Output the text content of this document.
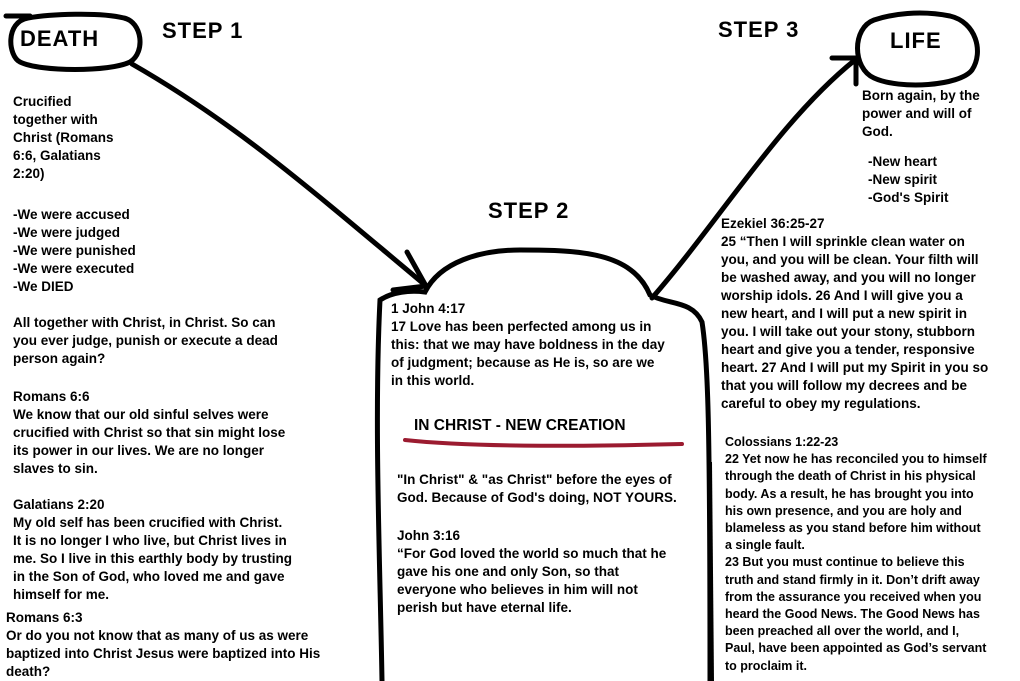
DEATH	LIFE
STEP 1
STEP 2
STEP 3
Crucified
together with
Christ (Romans
6:6, Galatians
2:20)
-We were accused
-We were judged
-We were punished
-We were executed
-We DIED
All together with Christ, in Christ. So can
you ever judge, punish or execute a dead
person again?
Romans 6:6
We know that our old sinful selves were
crucified with Christ so that sin might lose
its power in our lives. We are no longer
slaves to sin.
Galatians 2:20
My old self has been crucified with Christ.
It is no longer I who live, but Christ lives in
me. So I live in this earthly body by trusting
in the Son of God, who loved me and gave
himself for me.
Romans 6:3
Or do you not know that as many of us as were
baptized into Christ Jesus were baptized into His
death?
1 John 4:17
17 Love has been perfected among us in
this: that we may have boldness in the day
of judgment; because as He is, so are we
in this world.
IN CHRIST - NEW CREATION
"In Christ" & "as Christ" before the eyes of
God. Because of God's doing, NOT YOURS.
John 3:16
“For God loved the world so much that he
gave his one and only Son, so that
everyone who believes in him will not
perish but have eternal life.
Born again, by the
power and will of
God.
-New heart
-New spirit
-God's Spirit
Ezekiel 36:25-27
25 “Then I will sprinkle clean water on
you, and you will be clean. Your filth will
be washed away, and you will no longer
worship idols. 26 And I will give you a
new heart, and I will put a new spirit in
you. I will take out your stony, stubborn
heart and give you a tender, responsive
heart. 27 And I will put my Spirit in you so
that you will follow my decrees and be
careful to obey my regulations.
Colossians 1:22-23
22 Yet now he has reconciled you to himself
through the death of Christ in his physical
body. As a result, he has brought you into
his own presence, and you are holy and
blameless as you stand before him without
a single fault.
23 But you must continue to believe this
truth and stand firmly in it. Don’t drift away
from the assurance you received when you
heard the Good News. The Good News has
been preached all over the world, and I,
Paul, have been appointed as God’s servant
to proclaim it.
